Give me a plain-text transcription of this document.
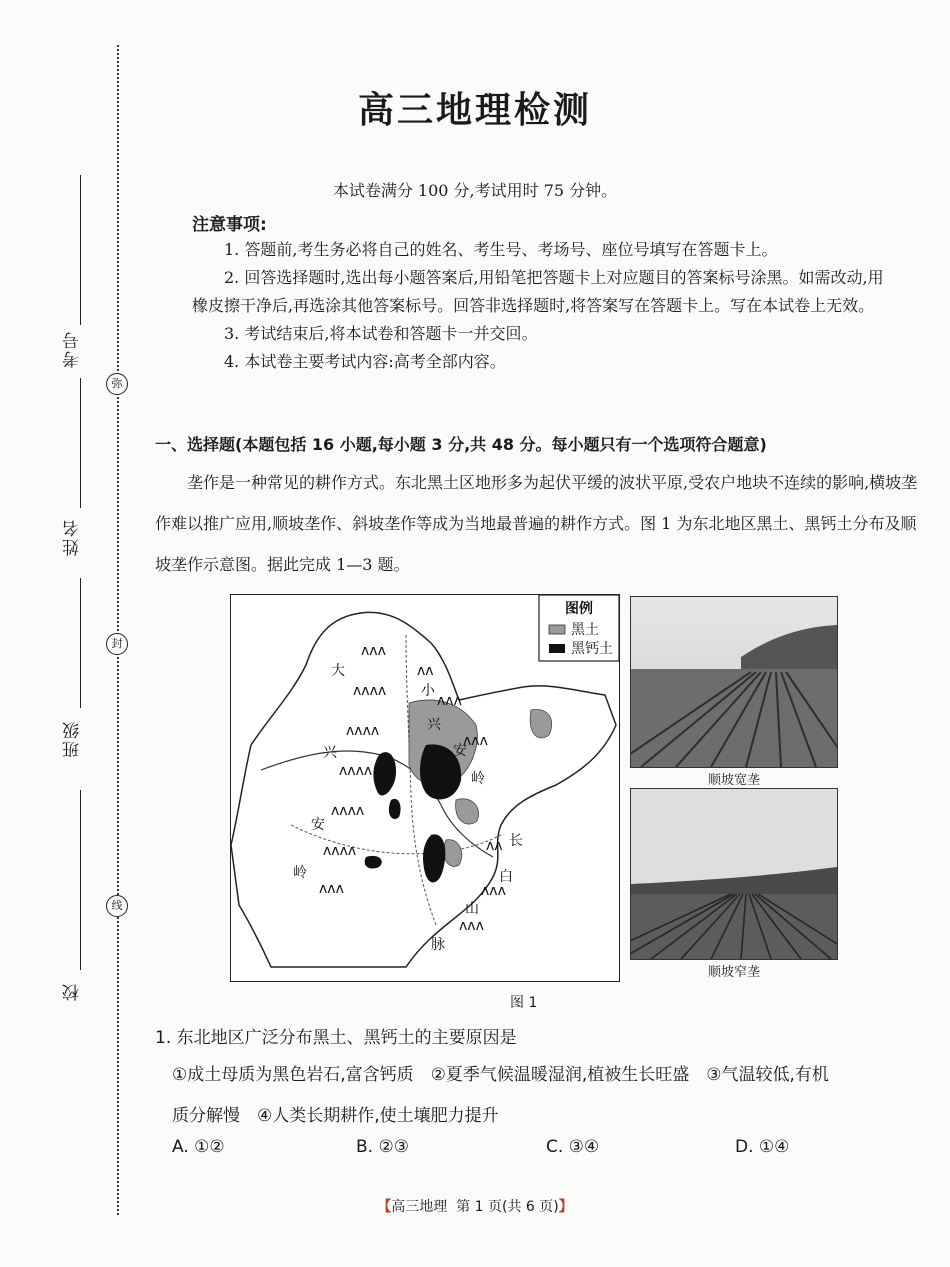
考号
姓名
班级
校
弥
封
线
高三地理检测
本试卷满分 100 分,考试用时 75 分钟。
注意事项:

1. 答题前,考生务必将自己的姓名、考生号、考场号、座位号填写在答题卡上。

2. 回答选择题时,选出每小题答案后,用铅笔把答题卡上对应题目的答案标号涂黑。如需改动,用橡皮擦干净后,再选涂其他答案标号。回答非选择题时,将答案写在答题卡上。写在本试卷上无效。

3. 考试结束后,将本试卷和答题卡一并交回。

4. 本试卷主要考试内容:高考全部内容。

一、选择题(本题包括 16 小题,每小题 3 分,共 48 分。每小题只有一个选项符合题意)

垄作是一种常见的耕作方式。东北黑土区地形多为起伏平缓的波状平原,受农户地块不连续的影响,横坡垄作难以推广应用,顺坡垄作、斜坡垄作等成为当地最普遍的耕作方式。图 1 为东北地区黑土、黑钙土分布及顺坡垄作示意图。据此完成 1—3 题。

ʌʌʌ
ʌʌʌʌ
ʌʌʌʌ
ʌʌʌʌ
ʌʌʌʌ
ʌʌʌʌ
ʌʌʌ
ʌʌ
ʌʌʌ
ʌʌʌ
ʌʌ
ʌʌʌ
ʌʌʌ
大
兴
安
岭
小
兴
安
岭
长
白
山
脉
图例
黑土
黑钙土
顺坡宽垄
顺坡窄垄
图 1
1. 东北地区广泛分布黑土、黑钙土的主要原因是

①成土母质为黑色岩石,富含钙质　②夏季气候温暖湿润,植被生长旺盛　③气温较低,有机

质分解慢　④人类长期耕作,使土壤肥力提升

A. ①②	B. ②③	C. ③④	D. ①④
【高三地理 第 1 页(共 6 页)】
